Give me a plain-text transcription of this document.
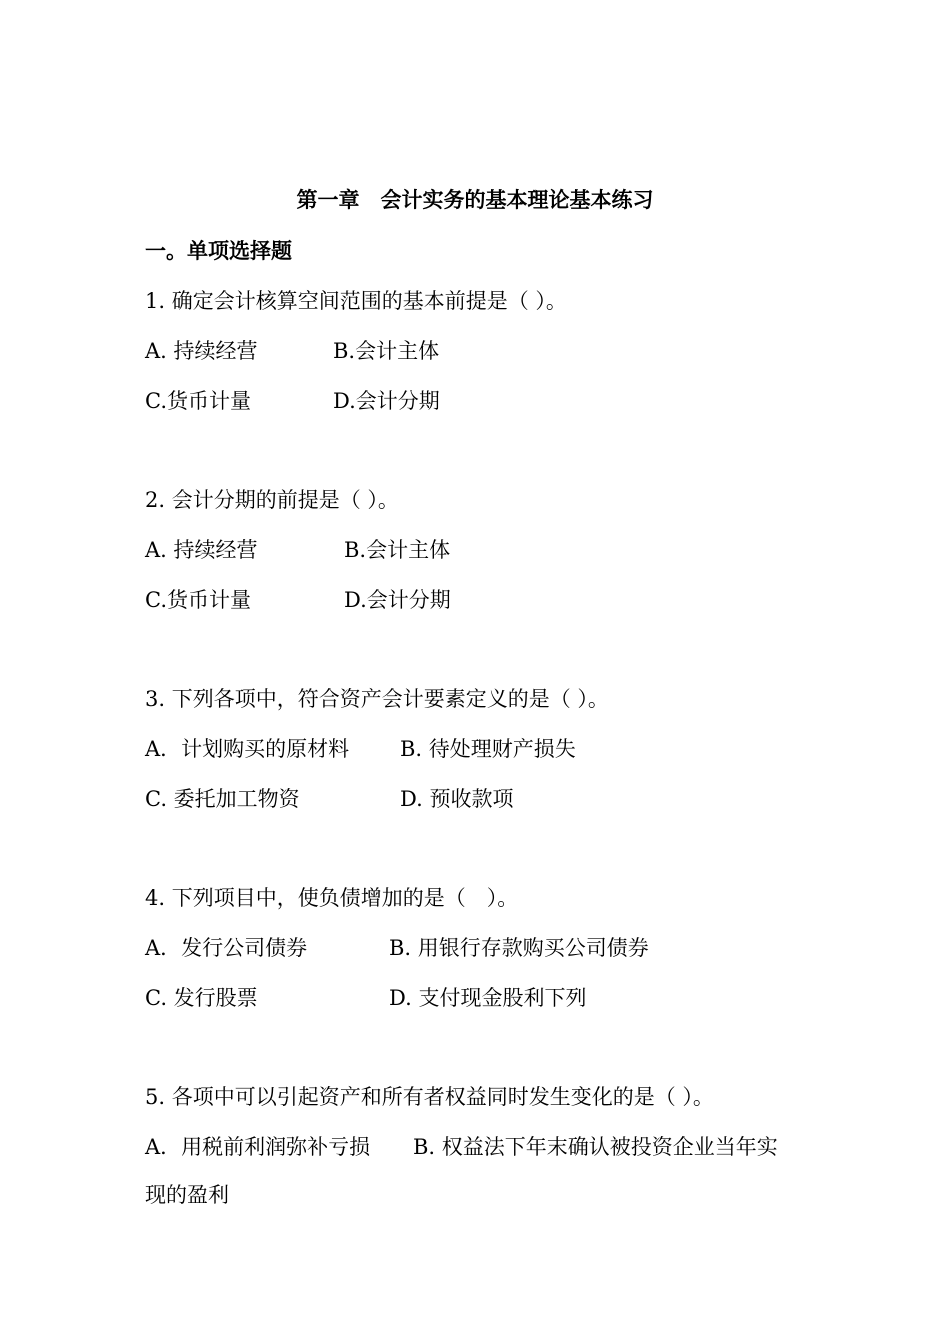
第一章　会计实务的基本理论基本练习
一。单项选择题
1. 确定会计核算空间范围的基本前提是（ ）。
A. 持续经营	B.会计主体
C.货币计量	D.会计分期
2. 会计分期的前提是（ ）。
A. 持续经营	B.会计主体
C.货币计量	D.会计分期
3. 下列各项中，符合资产会计要素定义的是（ ）。
A．计划购买的原材料 B. 待处理财产损失
C. 委托加工物资	D. 预收款项
4. 下列项目中，使负债增加的是（　）。
A．发行公司债券	B. 用银行存款购买公司债券
C. 发行股票	D. 支付现金股利下列
5. 各项中可以引起资产和所有者权益同时发生变化的是（ ）。
A．用税前利润弥补亏损 B. 权益法下年末确认被投资企业当年实
现的盈利
